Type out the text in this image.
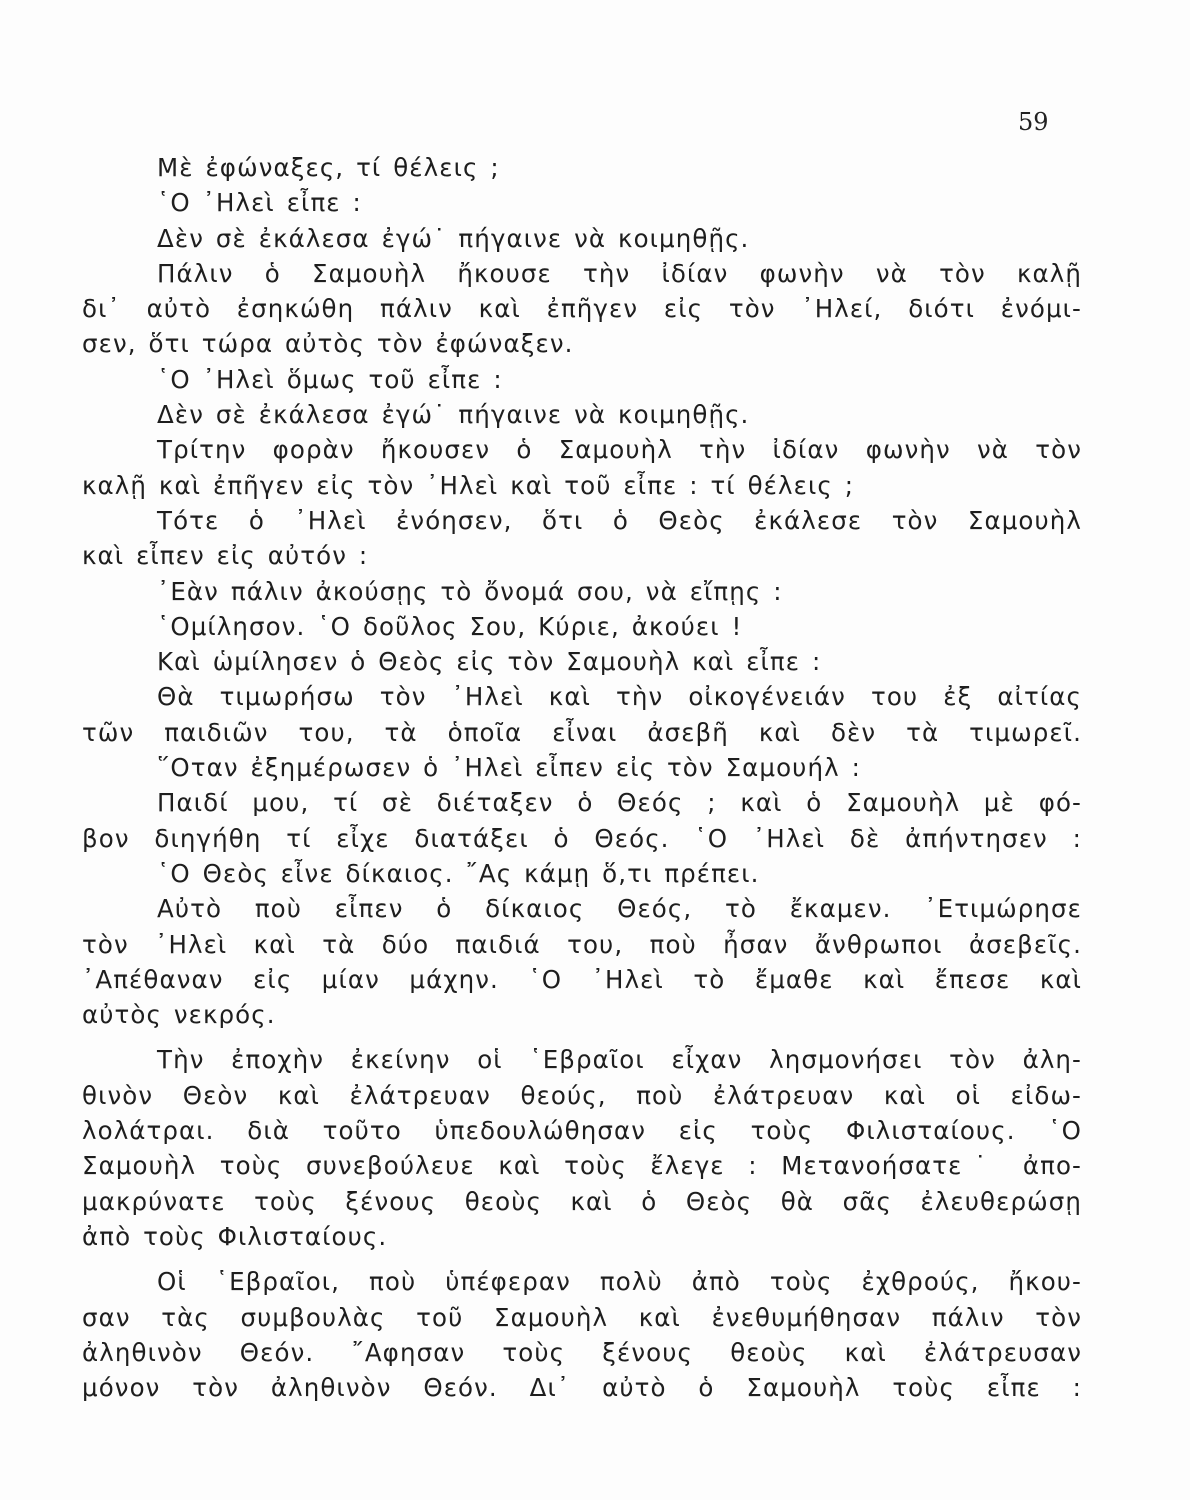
59
Μὲ ἐφώναξες, τί θέλεις ;
῾Ο ᾿Ηλεὶ εἶπε :
Δὲν σὲ ἐκάλεσα ἐγώ˙ πήγαινε νὰ κοιμηθῇς.
Πάλιν ὁ Σαμουὴλ ἤκουσε τὴν ἰδίαν φωνὴν νὰ τὸν καλῇ
δι᾿ αὐτὸ ἐσηκώθη πάλιν καὶ ἐπῆγεν εἰς τὸν ᾿Ηλεί, διότι ἐνόμι-
σεν, ὅτι τώρα αὐτὸς τὸν ἐφώναξεν.
῾Ο ᾿Ηλεὶ ὅμως τοῦ εἶπε :
Δὲν σὲ ἐκάλεσα ἐγώ˙ πήγαινε νὰ κοιμηθῇς.
Τρίτην φορὰν ἤκουσεν ὁ Σαμουὴλ τὴν ἰδίαν φωνὴν νὰ τὸν
καλῇ καὶ ἐπῆγεν εἰς τὸν ᾿Ηλεὶ καὶ τοῦ εἶπε : τί θέλεις ;
Τότε ὁ ᾿Ηλεὶ ἐνόησεν, ὅτι ὁ Θεὸς ἐκάλεσε τὸν Σαμουὴλ
καὶ εἶπεν εἰς αὐτόν :
᾿Εὰν πάλιν ἀκούσῃς τὸ ὄνομά σου, νὰ εἴπῃς :
῾Ομίλησον. ῾Ο δοῦλος Σου, Κύριε, ἀκούει !
Καὶ ὡμίλησεν ὁ Θεὸς εἰς τὸν Σαμουὴλ καὶ εἶπε :
Θὰ τιμωρήσω τὸν ᾿Ηλεὶ καὶ τὴν οἰκογένειάν του ἐξ αἰτίας
τῶν παιδιῶν του, τὰ ὁποῖα εἶναι ἀσεβῆ καὶ δὲν τὰ τιμωρεῖ.
῞Οταν ἐξημέρωσεν ὁ ᾿Ηλεὶ εἶπεν εἰς τὸν Σαμουήλ :
Παιδί μου, τί σὲ διέταξεν ὁ Θεός ; καὶ ὁ Σαμουὴλ μὲ φό-
βον διηγήθη τί εἶχε διατάξει ὁ Θεός. ῾Ο ᾿Ηλεὶ δὲ ἀπήντησεν :
῾Ο Θεὸς εἶνε δίκαιος. ῎Ας κάμῃ ὅ,τι πρέπει.
Αὐτὸ ποὺ εἶπεν ὁ δίκαιος Θεός, τὸ ἔκαμεν. ᾿Ετιμώρησε
τὸν ᾿Ηλεὶ καὶ τὰ δύο παιδιά του, ποὺ ἦσαν ἄνθρωποι ἀσεβεῖς.
᾿Απέθαναν εἰς μίαν μάχην. ῾Ο ᾿Ηλεὶ τὸ ἔμαθε καὶ ἔπεσε καὶ
αὐτὸς νεκρός.
Τὴν ἐποχὴν ἐκείνην οἱ ῾Εβραῖοι εἶχαν λησμονήσει τὸν ἀλη-
θινὸν Θεὸν καὶ ἐλάτρευαν θεούς, ποὺ ἐλάτρευαν καὶ οἱ εἰδω-
λολάτραι. διὰ τοῦτο ὑπεδουλώθησαν εἰς τοὺς Φιλισταίους. ῾Ο
Σαμουὴλ τοὺς συνεβούλευε καὶ τοὺς ἔλεγε : Μετανοήσατε˙ ἀπο-
μακρύνατε τοὺς ξένους θεοὺς καὶ ὁ Θεὸς θὰ σᾶς ἐλευθερώσῃ
ἀπὸ τοὺς Φιλισταίους.
Οἱ ῾Εβραῖοι, ποὺ ὑπέφεραν πολὺ ἀπὸ τοὺς ἐχθρούς, ἤκου-
σαν τὰς συμβουλὰς τοῦ Σαμουὴλ καὶ ἐνεθυμήθησαν πάλιν τὸν
ἀληθινὸν Θεόν. ῎Αφησαν τοὺς ξένους θεοὺς καὶ ἐλάτρευσαν
μόνον τὸν ἀληθινὸν Θεόν. Δι᾿ αὐτὸ ὁ Σαμουὴλ τοὺς εἶπε :
